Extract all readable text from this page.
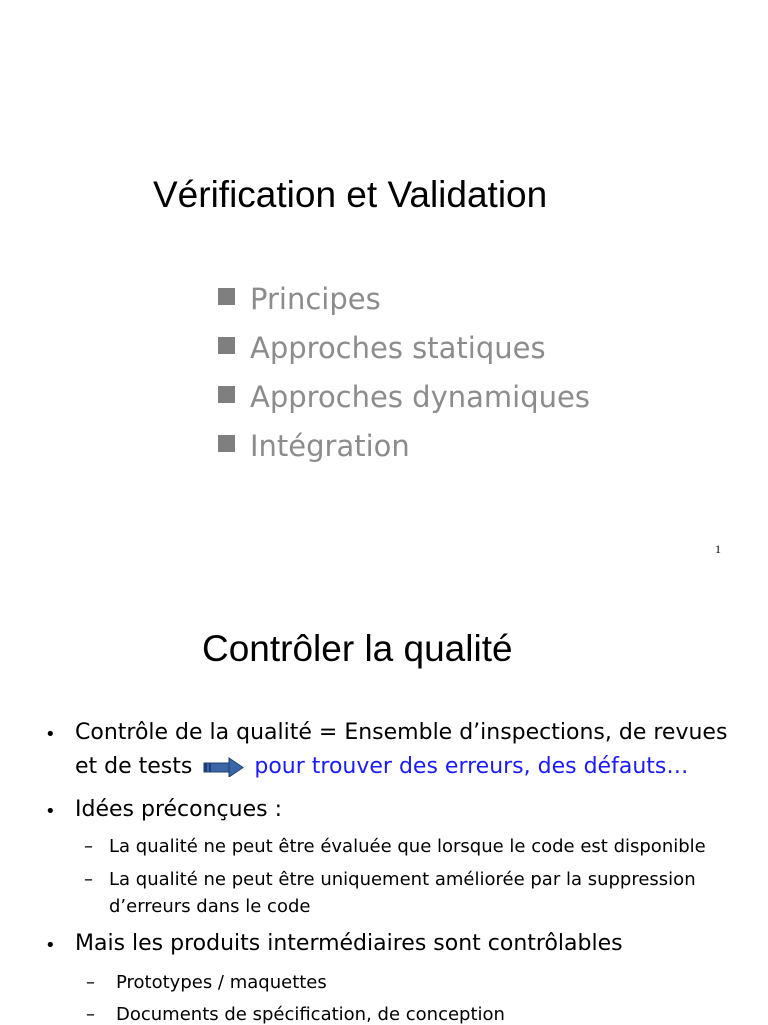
Vérification et Validation
Principes
Approches statiques
Approches dynamiques
Intégration
1
Contrôler la qualité
• Contrôle de la qualité = Ensemble d’inspections, de revues
et de tests	pour trouver des erreurs, des défauts…
• Idées préconçues :
– La qualité ne peut être évaluée que lorsque le code est disponible
– La qualité ne peut être uniquement améliorée par la suppression
d’erreurs dans le code
• Mais les produits intermédiaires sont contrôlables
– Prototypes / maquettes
– Documents de spécification, de conception
